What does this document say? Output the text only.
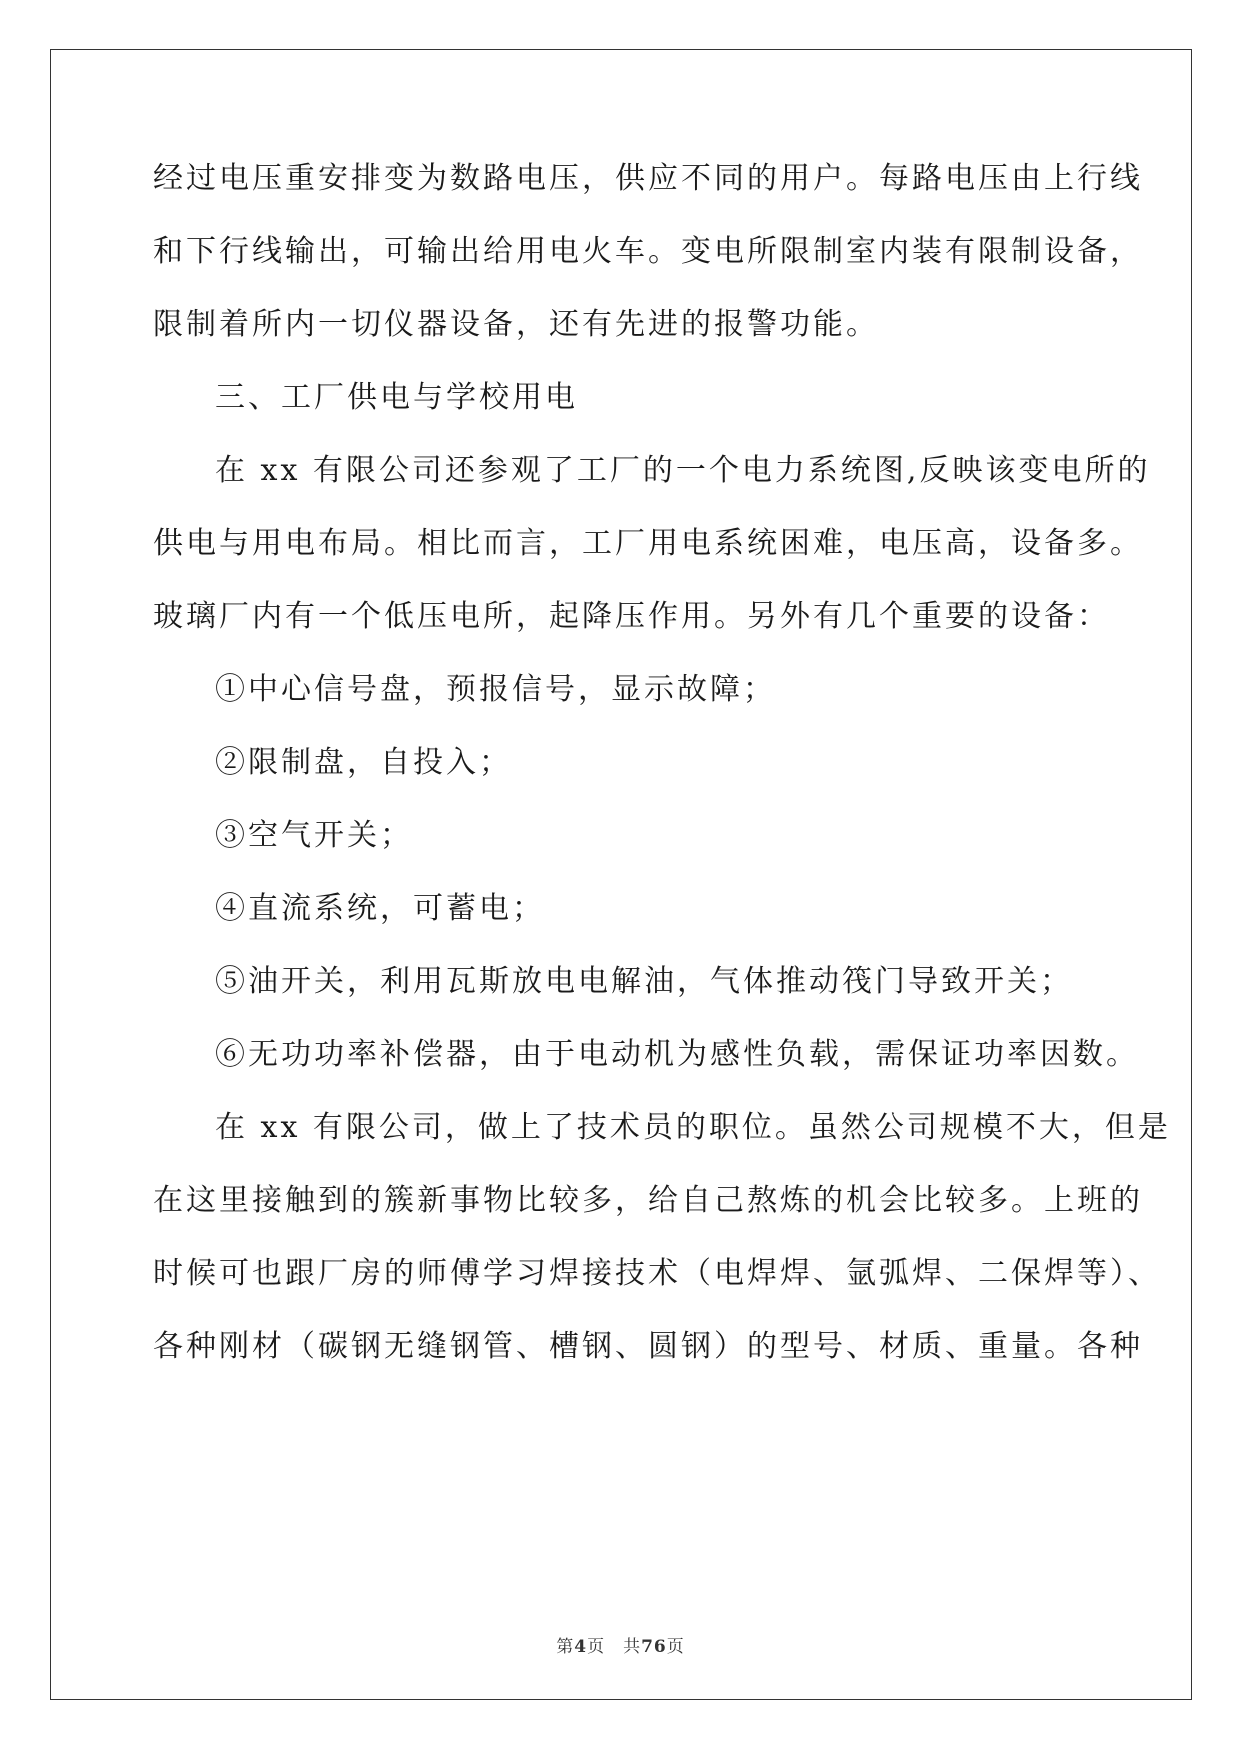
经过电压重安排变为数路电压，供应不同的用户。每路电压由上行线
和下行线输出，可输出给用电火车。变电所限制室内装有限制设备，
限制着所内一切仪器设备，还有先进的报警功能。
三、工厂供电与学校用电
在 xx 有限公司还参观了工厂的一个电力系统图,反映该变电所的
供电与用电布局。相比而言，工厂用电系统困难，电压高，设备多。
玻璃厂内有一个低压电所，起降压作用。另外有几个重要的设备：
①中心信号盘，预报信号，显示故障；
②限制盘，自投入；
③空气开关；
④直流系统，可蓄电；
⑤油开关，利用瓦斯放电电解油，气体推动筏门导致开关；
⑥无功功率补偿器，由于电动机为感性负载，需保证功率因数。
在 xx 有限公司，做上了技术员的职位。虽然公司规模不大，但是
在这里接触到的簇新事物比较多，给自己熬炼的机会比较多。上班的
时候可也跟厂房的师傅学习焊接技术（电焊焊、氩弧焊、二保焊等）、
各种刚材（碳钢无缝钢管、槽钢、圆钢）的型号、材质、重量。各种
第4页　共76页
